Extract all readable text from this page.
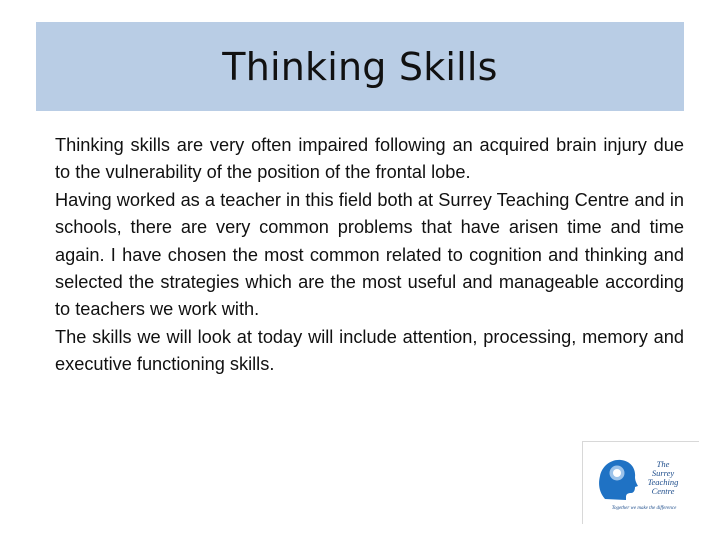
Thinking Skills

Thinking skills are very often impaired following an acquired brain injury due to the vulnerability of the position of the frontal lobe.

Having worked as a teacher in this field both at Surrey Teaching Centre and in schools, there are very common problems that have arisen time and time again. I have chosen the most common related to cognition and thinking and selected the strategies which are the most useful and manageable according to teachers we work with.

The skills we will look at today will include attention, processing, memory and executive functioning skills.

The
Surrey
Teaching
Centre
Together we make the difference
